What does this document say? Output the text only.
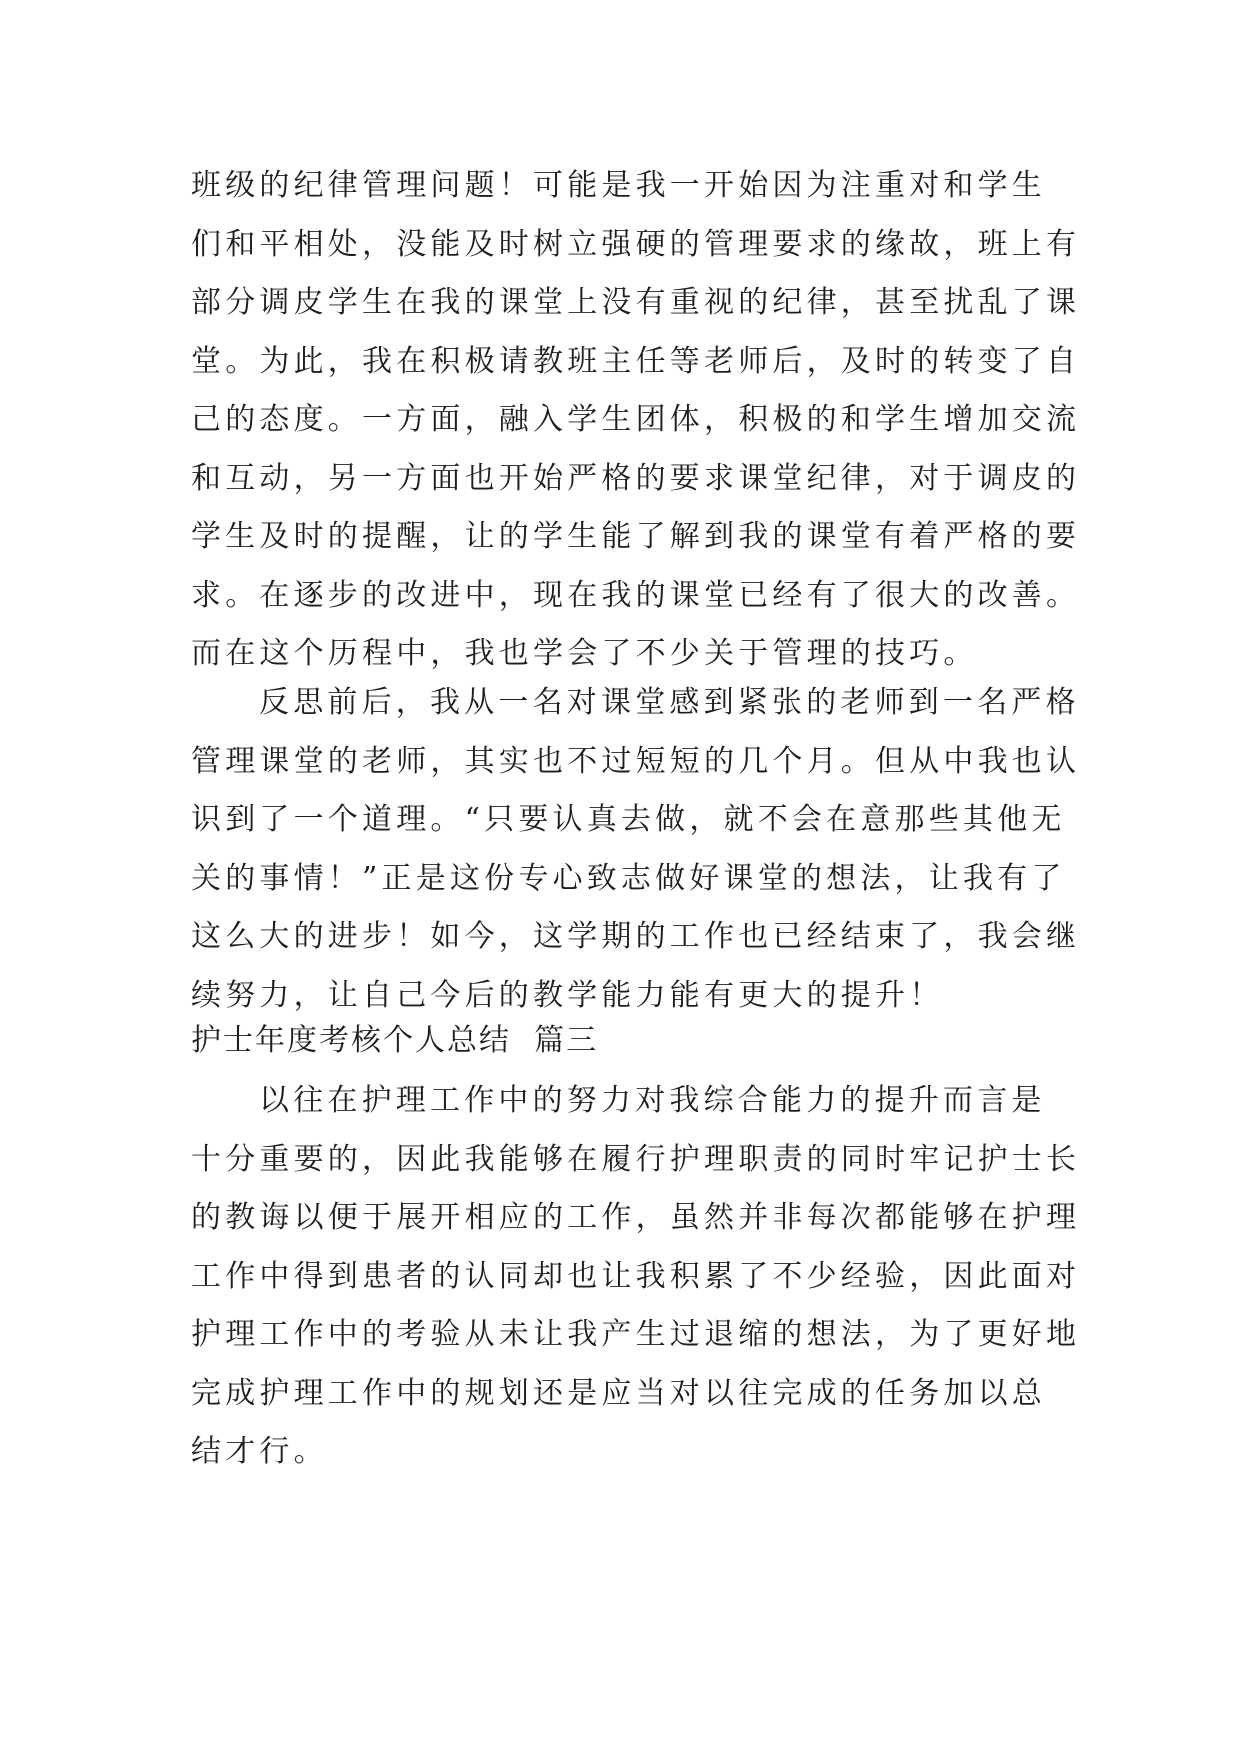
班级的纪律管理问题！可能是我一开始因为注重对和学生
们和平相处，没能及时树立强硬的管理要求的缘故，班上有
部分调皮学生在我的课堂上没有重视的纪律，甚至扰乱了课
堂。为此，我在积极请教班主任等老师后，及时的转变了自
己的态度。一方面，融入学生团体，积极的和学生增加交流
和互动，另一方面也开始严格的要求课堂纪律，对于调皮的
学生及时的提醒，让的学生能了解到我的课堂有着严格的要
求。在逐步的改进中，现在我的课堂已经有了很大的改善。
而在这个历程中，我也学会了不少关于管理的技巧。
反思前后，我从一名对课堂感到紧张的老师到一名严格
管理课堂的老师，其实也不过短短的几个月。但从中我也认
识到了一个道理。“只要认真去做，就不会在意那些其他无
关的事情！”正是这份专心致志做好课堂的想法，让我有了
这么大的进步！如今，这学期的工作也已经结束了，我会继
续努力，让自己今后的教学能力能有更大的提升！
护士年度考核个人总结  篇三
以往在护理工作中的努力对我综合能力的提升而言是
十分重要的，因此我能够在履行护理职责的同时牢记护士长
的教诲以便于展开相应的工作，虽然并非每次都能够在护理
工作中得到患者的认同却也让我积累了不少经验，因此面对
护理工作中的考验从未让我产生过退缩的想法，为了更好地
完成护理工作中的规划还是应当对以往完成的任务加以总
结才行。
